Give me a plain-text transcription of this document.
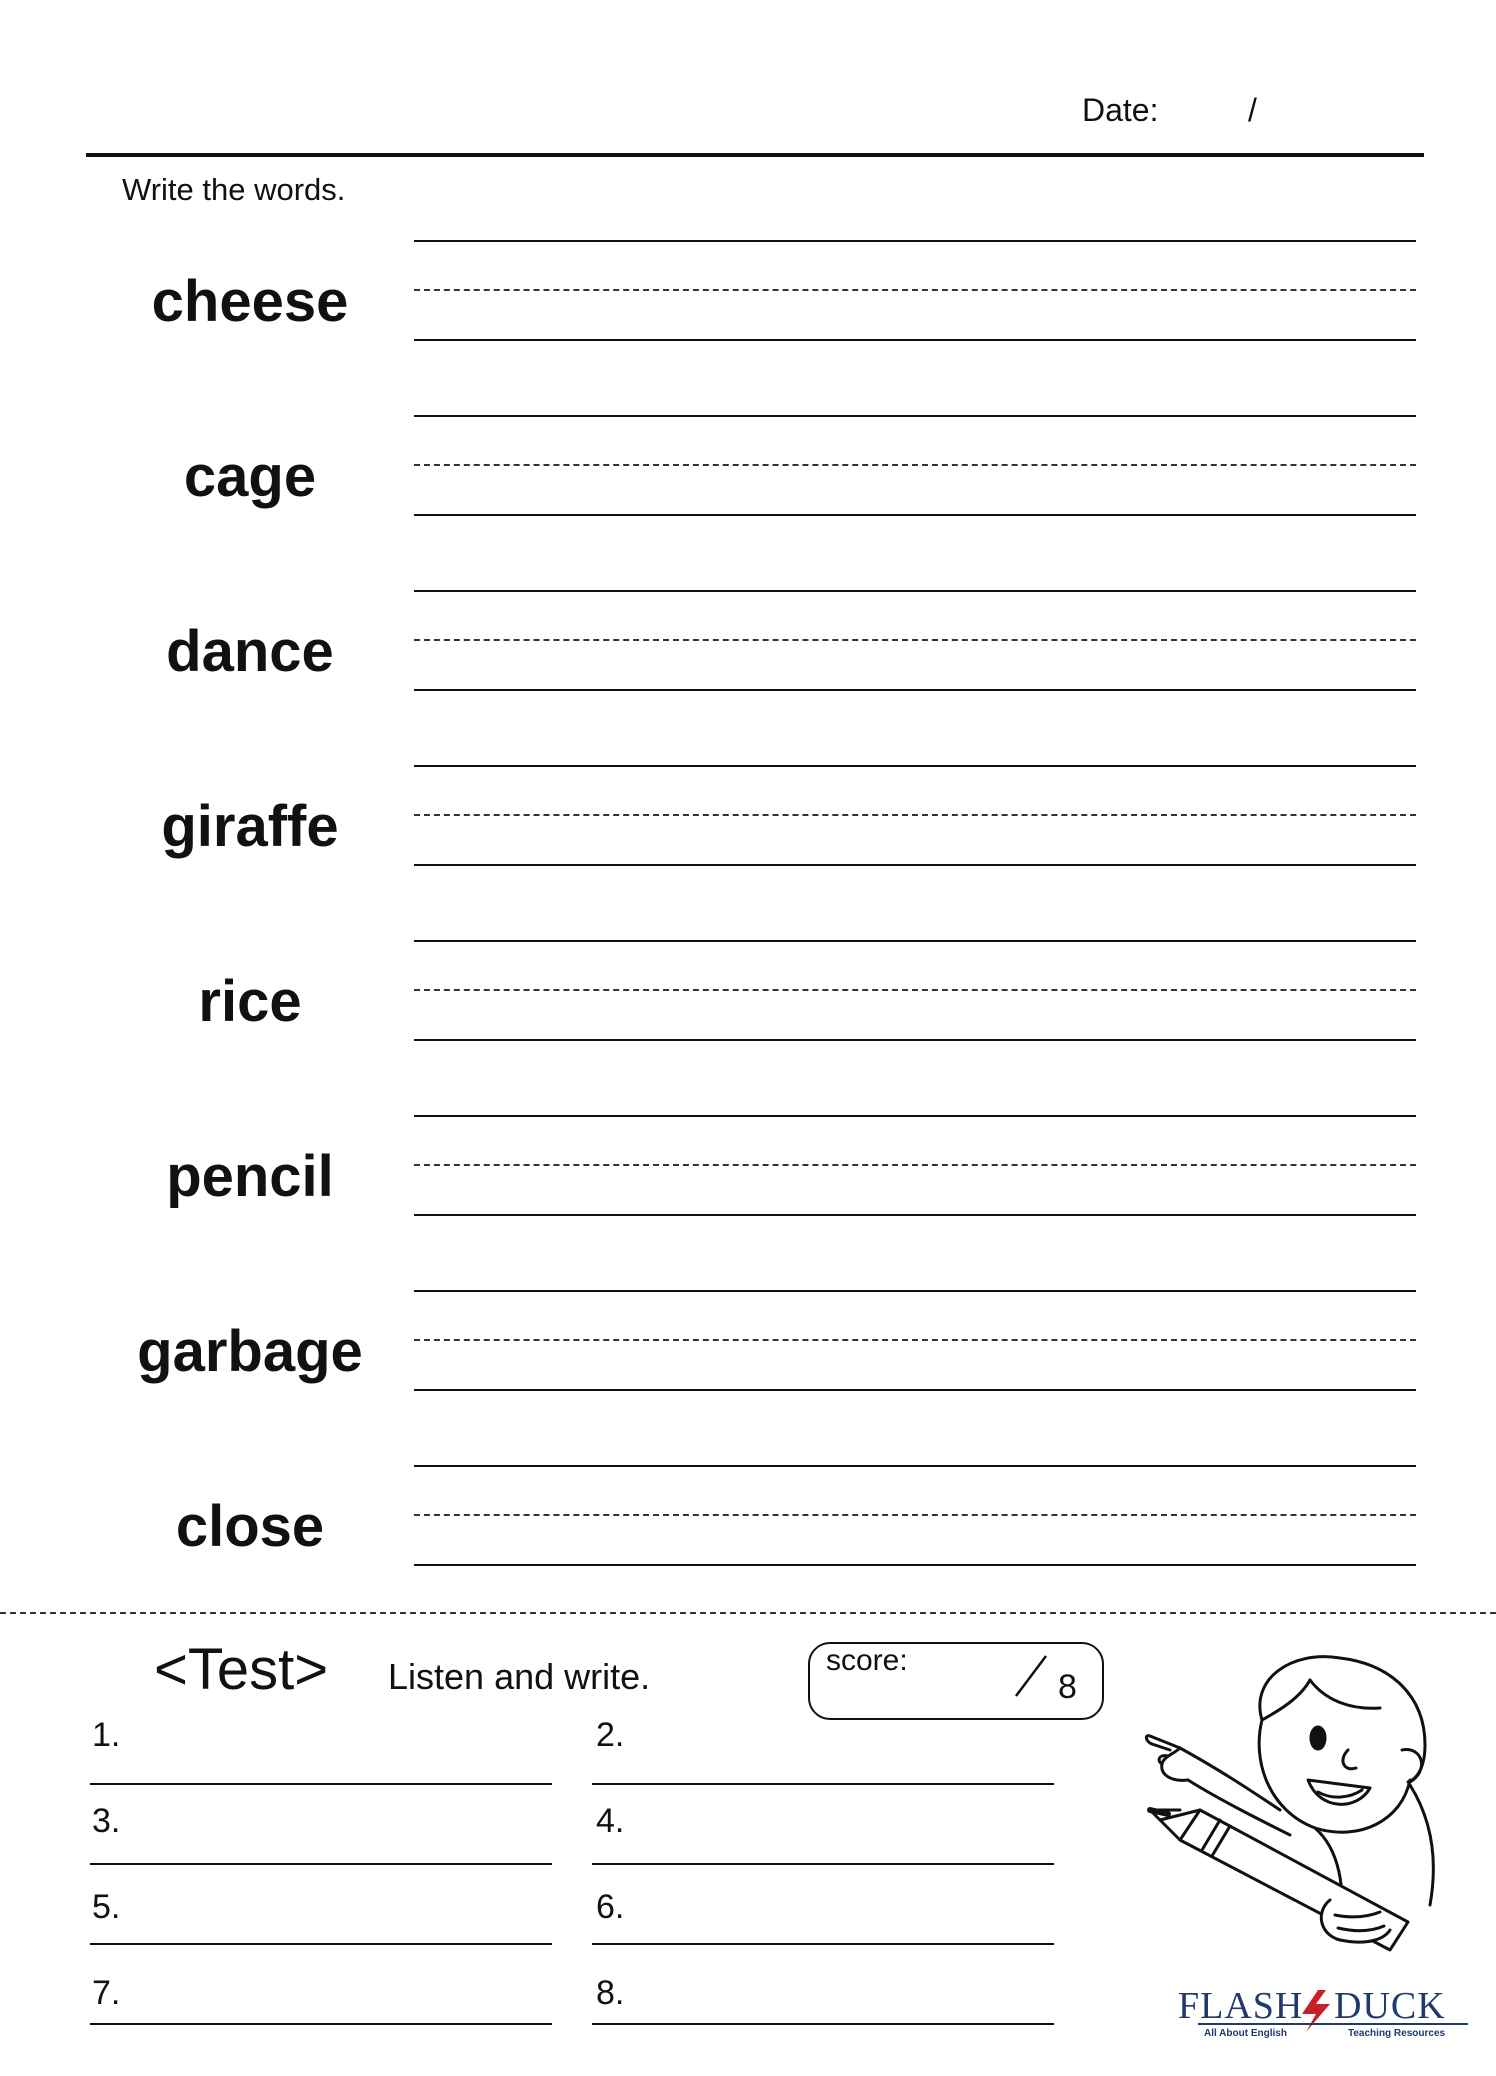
Date:	/
Write the words.
cheese
cage
dance
giraffe
rice
pencil
garbage
close
<Test> Listen and write.	score:
8
1.	2.
3.	4.
5.	6.
7.	8.	FLASH DUCK
All About English	Teaching Resources
